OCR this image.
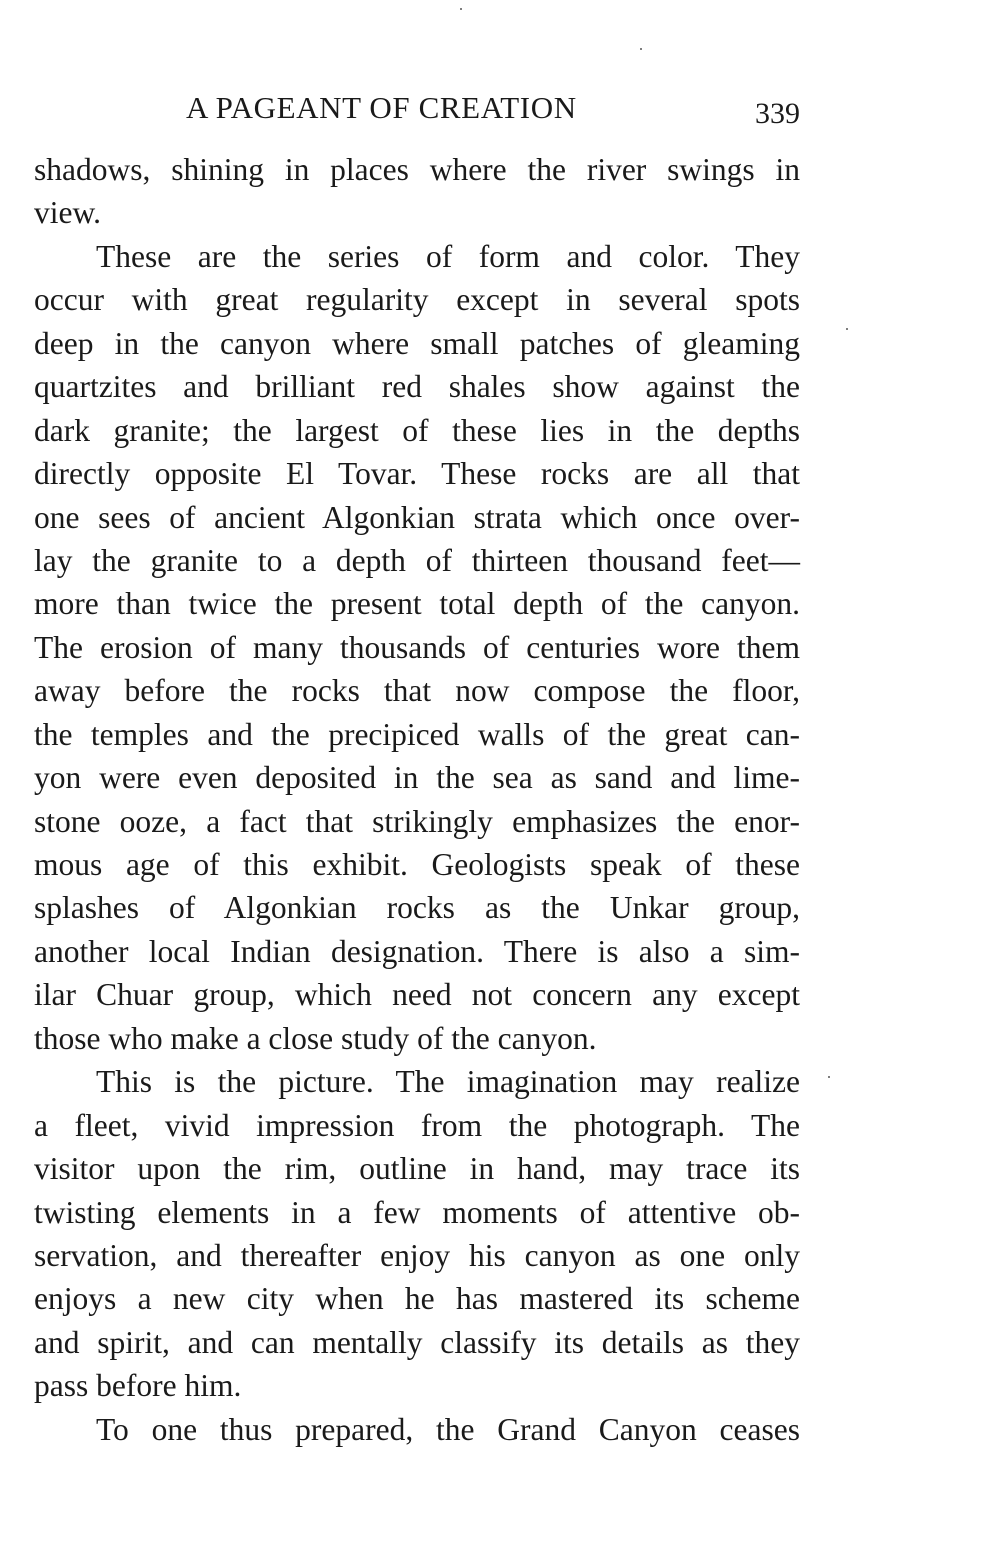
A PAGEANT OF CREATION	339
shadows, shining in places where the river swings in
view.
These are the series of form and color. They
occur with great regularity except in several spots
deep in the canyon where small patches of gleaming
quartzites and brilliant red shales show against the
dark granite; the largest of these lies in the depths
directly opposite El Tovar. These rocks are all that
one sees of ancient Algonkian strata which once over-
lay the granite to a depth of thirteen thousand feet—
more than twice the present total depth of the canyon.
The erosion of many thousands of centuries wore them
away before the rocks that now compose the floor,
the temples and the precipiced walls of the great can-
yon were even deposited in the sea as sand and lime-
stone ooze, a fact that strikingly emphasizes the enor-
mous age of this exhibit. Geologists speak of these
splashes of Algonkian rocks as the Unkar group,
another local Indian designation. There is also a sim-
ilar Chuar group, which need not concern any except
those who make a close study of the canyon.
This is the picture. The imagination may realize
a fleet, vivid impression from the photograph. The
visitor upon the rim, outline in hand, may trace its
twisting elements in a few moments of attentive ob-
servation, and thereafter enjoy his canyon as one only
enjoys a new city when he has mastered its scheme
and spirit, and can mentally classify its details as they
pass before him.
To one thus prepared, the Grand Canyon ceases
